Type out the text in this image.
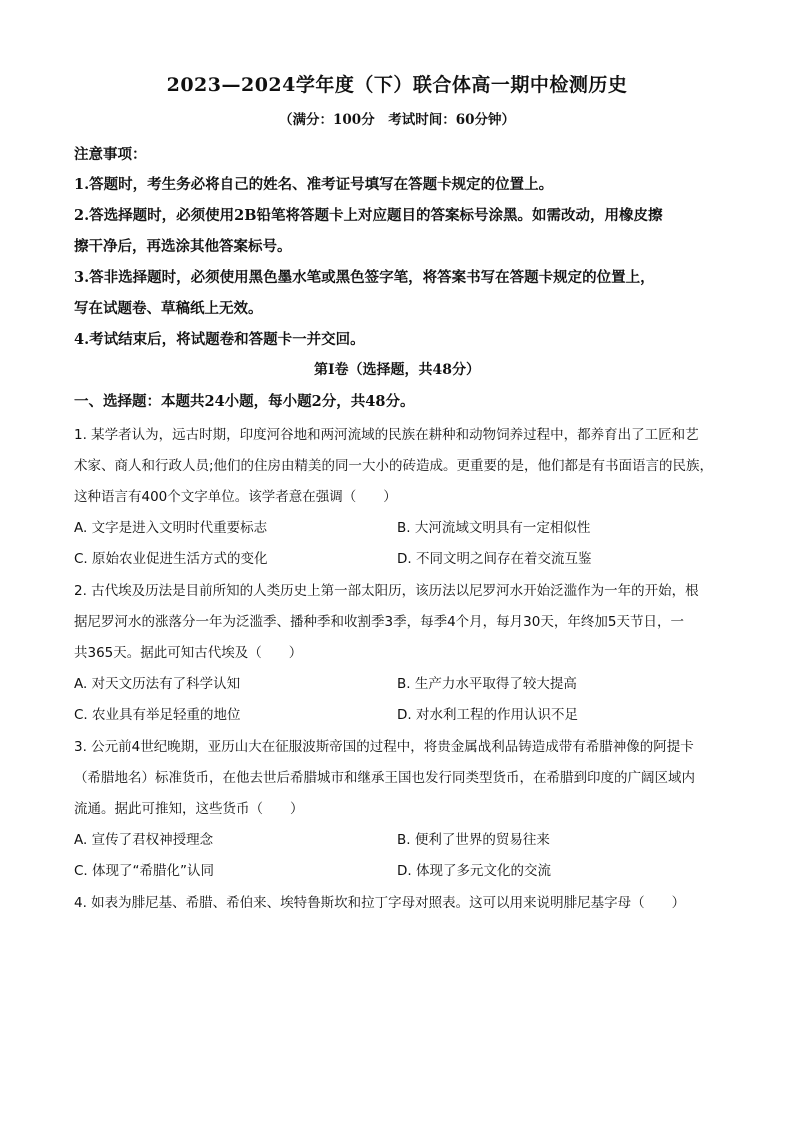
2023—2024学年度（下）联合体高一期中检测历史
（满分：100分　考试时间：60分钟）
注意事项：
1.答题时，考生务必将自己的姓名、准考证号填写在答题卡规定的位置上。
2.答选择题时，必须使用2B铅笔将答题卡上对应题目的答案标号涂黑。如需改动，用橡皮擦
擦干净后，再选涂其他答案标号。
3.答非选择题时，必须使用黑色墨水笔或黑色签字笔，将答案书写在答题卡规定的位置上，
写在试题卷、草稿纸上无效。
4.考试结束后，将试题卷和答题卡一并交回。
第Ⅰ卷（选择题，共48分）
一、选择题：本题共24小题，每小题2分，共48分。
1. 某学者认为，远古时期，印度河谷地和两河流域的民族在耕种和动物饲养过程中，都养育出了工匠和艺
术家、商人和行政人员;他们的住房由精美的同一大小的砖造成。更重要的是，他们都是有书面语言的民族，
这种语言有400个文字单位。该学者意在强调（　　）
A. 文字是进入文明时代重要标志	B. 大河流域文明具有一定相似性
C. 原始农业促进生活方式的变化	D. 不同文明之间存在着交流互鉴
2. 古代埃及历法是目前所知的人类历史上第一部太阳历，该历法以尼罗河水开始泛滥作为一年的开始，根
据尼罗河水的涨落分一年为泛滥季、播种季和收割季3季，每季4个月，每月30天，年终加5天节日，一
共365天。据此可知古代埃及（　　）
A. 对天文历法有了科学认知	B. 生产力水平取得了较大提高
C. 农业具有举足轻重的地位	D. 对水利工程的作用认识不足
3. 公元前4世纪晚期，亚历山大在征服波斯帝国的过程中，将贵金属战利品铸造成带有希腊神像的阿提卡
（希腊地名）标准货币，在他去世后希腊城市和继承王国也发行同类型货币，在希腊到印度的广阔区域内
流通。据此可推知，这些货币（　　）
A. 宣传了君权神授理念	B. 便利了世界的贸易往来
C. 体现了“希腊化”认同	D. 体现了多元文化的交流
4. 如表为腓尼基、希腊、希伯来、埃特鲁斯坎和拉丁字母对照表。这可以用来说明腓尼基字母（　　）
